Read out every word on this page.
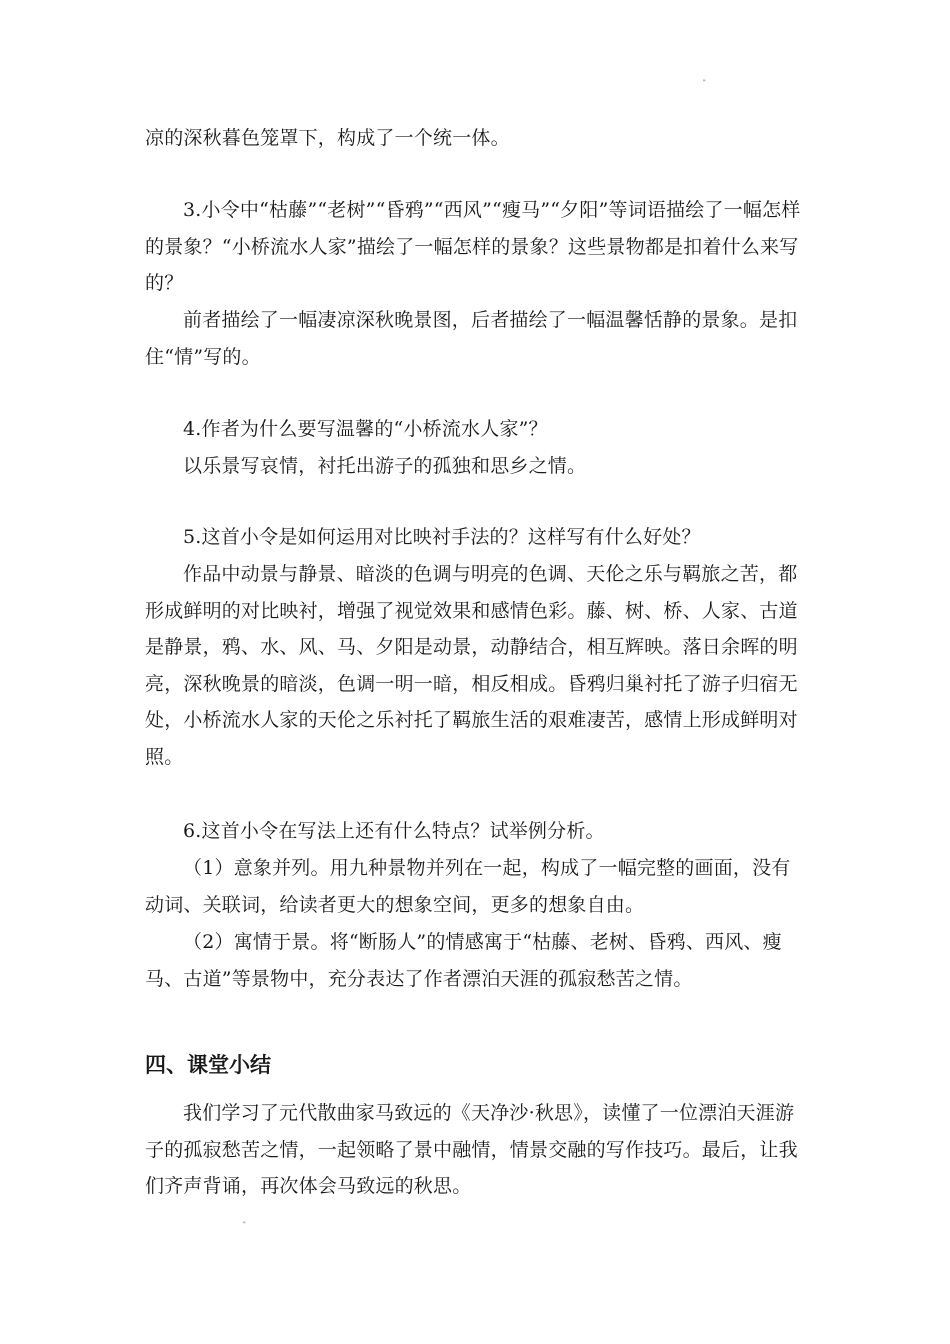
"

凉的深秋暮色笼罩下，构成了一个统一体。

3.小令中“枯藤”“老树”“昏鸦”“西风”“瘦马”“夕阳”等词语描绘了一幅怎样的景象？“小桥流水人家”描绘了一幅怎样的景象？这些景物都是扣着什么来写的？

前者描绘了一幅凄凉深秋晚景图，后者描绘了一幅温馨恬静的景象。是扣住“情”写的。

4.作者为什么要写温馨的“小桥流水人家”？

以乐景写哀情，衬托出游子的孤独和思乡之情。

5.这首小令是如何运用对比映衬手法的？这样写有什么好处？

作品中动景与静景、暗淡的色调与明亮的色调、天伦之乐与羁旅之苦，都形成鲜明的对比映衬，增强了视觉效果和感情色彩。藤、树、桥、人家、古道是静景，鸦、水、风、马、夕阳是动景，动静结合，相互辉映。落日余晖的明亮，深秋晚景的暗淡，色调一明一暗，相反相成。昏鸦归巢衬托了游子归宿无处，小桥流水人家的天伦之乐衬托了羁旅生活的艰难凄苦，感情上形成鲜明对照。

6.这首小令在写法上还有什么特点？试举例分析。

（1）意象并列。用九种景物并列在一起，构成了一幅完整的画面，没有动词、关联词，给读者更大的想象空间，更多的想象自由。

（2）寓情于景。将“断肠人”的情感寓于“枯藤、老树、昏鸦、西风、瘦马、古道”等景物中，充分表达了作者漂泊天涯的孤寂愁苦之情。

四、课堂小结

我们学习了元代散曲家马致远的《天净沙·秋思》，读懂了一位漂泊天涯游子的孤寂愁苦之情，一起领略了景中融情，情景交融的写作技巧。最后，让我们齐声背诵，再次体会马致远的秋思。

"
